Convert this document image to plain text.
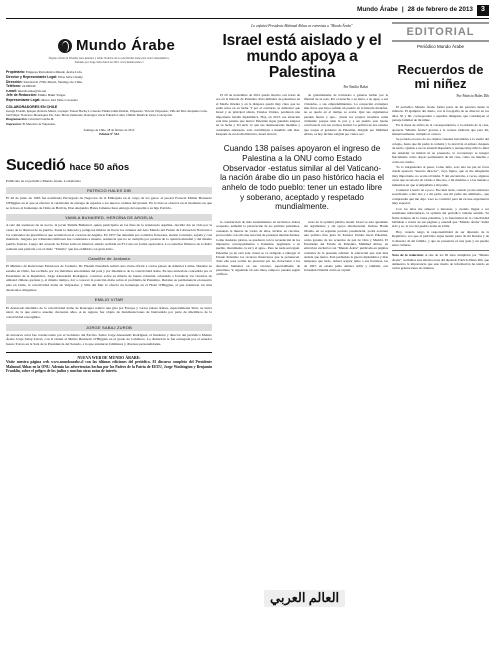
Mundo Árabe | 28 de febrero de 2013	3
Mundo Árabe
Órgano oficial de Friendly para América y Chile. Noticias de la colectividad árabe para toda Latinoamérica. Fundado por Jorge Saba Zurob en 1991. www.mundoarabe.cl
Propietario: Empresa Periodística Mundo Árabe Ltda.
Director y Representante Legal: Elias Saba Chamy
Dirección: Irarrázaval 2796, Macul, Santiago de Chile.
Teléfono: 24196540
e-mail: mundoarabe@vtr.net
Jefe de Redacción: Emilio Bakri Vargas
Representante Legal: Marco Del Valle Coronado
COLABORADORES EN CHILE
George El Ashi, Ipalque, Roberto Marez, Copiapó: Fanosi Hacha; La Serena: Hanna Jaime Dualde, Valparaíso: Victoria Valparaíso; Viña del Mar: Alejandro Lobo, San Felipe: Francisco Mouzaquel, Pto. Alto: Mario Zamorano, Rancagua: Oscar Eduardo Lama; Chillán: Mauricio Zarur, Concepción.
Diagramación: Cristóbal Concha M.
Impresión: El Mercurio de Valparaíso.
Santiago de Chile, 28 de febrero de 2013
Edición Nº 544
Sucedió hace 50 años
Publicado en el periódico Mundo Árabe, La Reforma
PATRICIO HALES DIB
El 26 de junio de 1963 fue nombrado Encargado de Negocios de la Embajada en el cargo de los gatos, el pucará Escuela Militar Bernardo O'Higgins en el que se efectuó la ceremonia de entrega de espadas a los nuevos cadetes del plantel. En la lista se observa en el momento en que se le hace el homenaje de Chile en Bolivia, Don Alejandro Hales Jamarne hace entrega del espadín a su hijo Patricio.
YAMILA BUHAIRED, HEROÍNA DE ARGELIA
A raíz del asesinato de su novio, la joven Yamila Buhaired -quien participaba en las filas de la resistencia argelina- decidió dar su vida por la causa de la libertad de su pueblo. Tenía la delicada y peligrosa misión de llevar las órdenes del Alto Mando del Frente de Liberación Nacional a los comandos de guerrilleros que actuaban en el corazón de Argelia. En 1957 fue detenida por soldados franceses, siendo torturada, vejada y casi mutilada. Juzgada por tribunales militares fue condenada a muerte, sentencia que no se cumplió por presión de la opinión mundial y del mismo pueblo francés. Luego del acuerdo de Evian salió en libertad, siendo recibida en El Cairo en forma apoteósica. Los estudios fílmicos de la RAU realizan una película con el título "Yamila" que fue exhibida con gran éxito.
Canciller de Jordania
El Ministro de Relaciones Exteriores de Jordania, Dr. Hazem Nusaibeh realizó una visita oficial a varios países de América Latina. Durante su estadía en Chile, fue recibido por los máximos autoridades del país y por miembros de la colectividad árabe. En una entrevista concedida por el Presidente de la República, Jorge Alessandri Rodríguez, conversó sobre su misión de buena voluntad, orientada a fortalecer los vínculos de amistad chileno-jordana y, al mismo tiempo, dar a conocer la posición árabe sobre el problema de Palestina. Durante su permanencia en nuestro país en Chile, la colectividad árabe de Valparaíso y Viña del Mar le ofreció un homenaje en el Hotel O'Higgins, al que asistieron los más destacados dirigentes.
EMILIO VITAR
El destacado miembro de la colectividad árabe de Rancagua realizó una gira por Europa y varios países árabes, especialmente Siria, su tierra natal, de la que estuvo ausente cincuenta años. A su regreso fue objeto de manifestaciones de bienvenida por parte de miembros de la colectividad rancagüina.
JORGE SABAJ ZUROB
Al entonces actor fue condecorado por el Gobierno del Excmo. Señor Jorge Alessandri Rodríguez, el fundador y director del periódico Mundo Árabe Jorge Sabaj Zurob, con la Orden al Mérito Bernardo O'Higgins en el grado de Caballero. La distinción le fue entregada por el senador Isauro Torres en la Sala de la Presidencia del Senado, a la que asistieron familiares y diversas personalidades.
NUEVA WEB DE MUNDO ÁRABE:
Visite nuestra página web www.mundoarabe.cl con las últimas ediciones del periódico. El discurso completo del Presidente Mahmud Abbas en la ONU. Además las advertencias hechas por los Padres de la Patria de EEUU, Jorge Washington y Benjamín Franklin, sobre el peligro de los judíos y muchas otras notas de interés.
Lo enfatizó Presidente Mahmud Abbas en entrevista a "Mundo Árabe"
Israel está aislado y el mundo apoya a Palestina
Por Emilio Bakri

El 29 de noviembre de 2012 quedó inscrito con letras de oro en la historia de Palestina. Para millones de palestinos en el Medio Oriente y en la diáspora quedó muy claro que no están solos en su lucha. Y por el contrario, se demostró que Israel y su principal aliado, Estados Unidos, perdieron una importante batalla diplomática. Hoy, en 2013, esa situación está más patente que nunca: Palestina sigue ganando adeptos en su lucha y Tel Aviv ve que sus desmesuradas medidas y constantes amenazas, sólo contribuyen a hundirlo aún más. Después de esa fecha histórica, Israel decretó

de gratuitamente de territorios o ganarse luchar por la libertad de su país. Por el derecho a su tierra, a su agua, a sus viviendas, a sus emprendimientos. La ocupación extranjera más feroz que haya sufrido un pueblo en la historia moderna, no se queda en el tiempo se acaba. Qué sus argumentos pueden fuerza y que... ¡hasta los propios israelitas están clamando porque nisn la paz y a un pueblo esta buena convivencia con sus vecinos árabes! La política de dos estados que acepta el gobierno de Palestina, dirigido por Mahmud Abbas, es hoy incluso exigida por varios sec-

Cuando 138 países apoyaron el ingreso de Palestina a la ONU como Estado Observador -estatus similar al del Vaticano- la nación árabe dio un paso histórico hacia el anhelo de todo pueblo: tener un estado libre y soberano, aceptado y respetado mundialmente.

la construcción de más asentamientos en territorios árabes ocupados, aumentó la persecución de los partidos palestinos, causando la muerte de varios de ellos, incluso en cárceles, provocando con ello una reacción de protestas internacionales. Como moderno piratas, se quedaron con la recaudación de los impuestos correspondientes a Palestina, negándole a su pueblo, literalmente, la sal y el agua... Pero no nada será igual. Palestina ya no está sola. Israel se ve obligado a entregar el Estado Palestino los recursos financieros que le pertenecen. Todo ello para acallar las protestas por las violaciones a los derechos humanos en sus cárceles, especialmente de palestinos. Y, siguiendo en esta línea, tampoco pueden seguir calificar-

tores de la opinión pública israelí. Israel se está quedando sin argumentos y sin apoyo internacional. Incluso Barak Obama, en su segundo período presidencial, podrá acentuar una política más justa de Estados Unidos hacia Palestina, como garante de los acuerdos de paz de Oslo y Madrid. El Presidente del Estado de Palestina, Mahmud Abbas, en entrevista exclusiva con "Mundo Árabe" publicada en páginas centrales de la presente edición: la educación que está más aislada que nunca. Está perdiendo la guerra diplomática y más temprano que tarde, deberá aceptar junto a sus fronteras, las de 1967, en estado judío debiera sufrir y también, con Jerusalén Oriental como su capital.

العالم العربي
EDITORIAL
Periódico Mundo Árabe
Recuerdos de mi niñez
Por Patricio Hales Dib

El periódico Mundo Árabe forma parte de mi persona desde la infancia. El ejemplar del diario, con la fotografía de su director en los años 50 y 60, corresponden a aquellas imágenes que constituyen el paisaje familiar de mi niñez.

En la mesa de arriba de la correspondencia, a la entrada de la casa, aparecía "Mundo Árabe" gracias a la certeza rutinaria que para mí, misteriosamente, cumplía el cartero.

Se portada era uno de los objetos visuales inevitables a la vuelta del colegio, hasta que mi padre lo tomaba y lo devolvía al armero después de leerlo. Quizás a eso le entendí disputable y aunque muy niño lo miré sin entender su misión ni su presencia, lo reconstruyo te integró físicamente como objeto permanente de mi casa, como un mueble o como un cuadro.

Yo lo hurgueteaba al pasar. Como niño, solo leía las pie de fotos donde aparecía "nuestro director", cuya figura, que se me imaginaba muy importante, no se me olvidaba. Y ahí encontraba, a veces, algunos caras que reconocía de visitas a mis tíos, a mi madrina o a las tiendas e industrias en que acompañaba a mi padre.

Comencé a leerlo de a poco. Fue más tarde, cuando ya me entretuve escuchando a mis tíos y a mi padre -ese mi padre tan admirado-, que comprendía qué me dejó. Leer se convirtió para mí en una experiencia muy especial.

Con los años me empecé a interesar, y cuando llegué a ser estudiante universitario, la opinión del periódico tomaba sentido. Su firme defensa de la causa palestina, y la fraternidad de la colectividad hablaban a través de sus páginas y entendí que "Mundo Árabe" había sido y es, la voz del pueblo árabe en Chile.

Hoy, cuando tengo la responsabilidad de ser diputado de la República, veo que el periódico sigue siendo parte de mi historia y de la historia de mi familia, y que su presencia es una guía y un puente entre culturas.

Nota de la redacción: A raíz de los 82 años cumplidos por "Mundo Árabe", recibimos esta emotiva nota del diputado Patricio Hales Dib, que demuestra la importancia que este medio de información ha tenido en varias generaciones de chilenos.
